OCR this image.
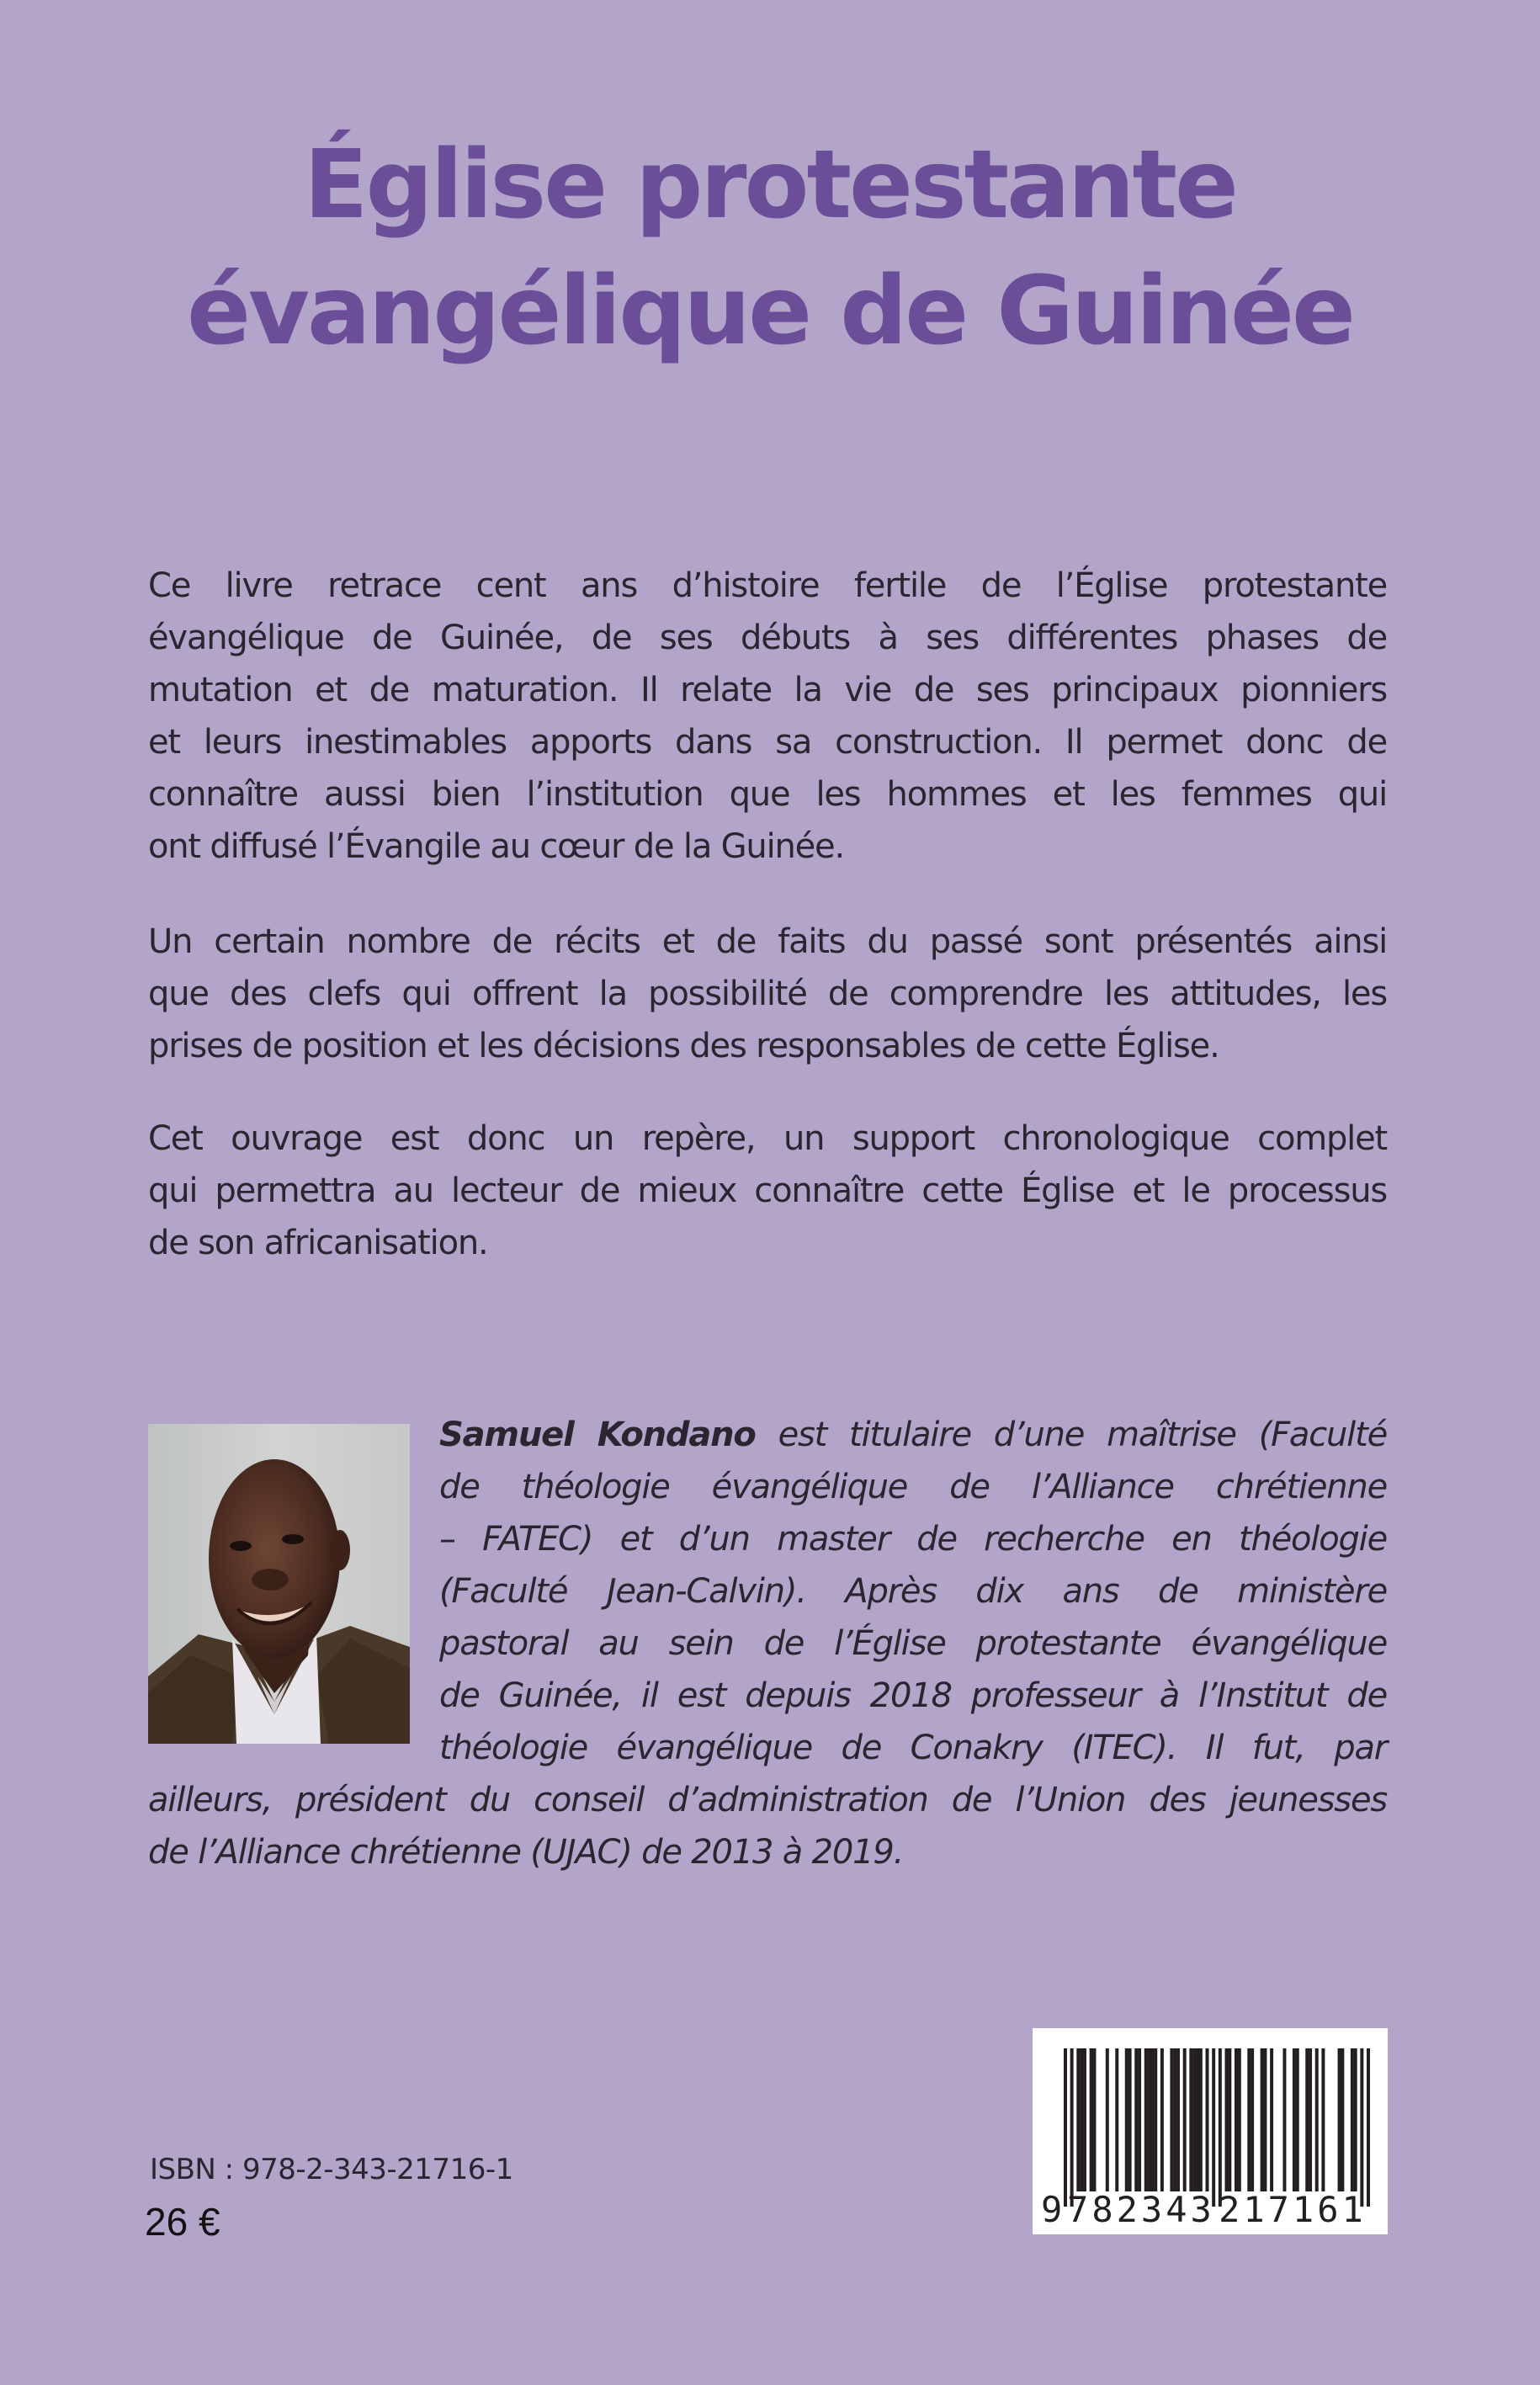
Église protestante
évangélique de Guinée
Ce livre retrace cent ans d’histoire fertile de l’Église protestante
évangélique de Guinée, de ses débuts à ses différentes phases de
mutation et de maturation. Il relate la vie de ses principaux pionniers
et leurs inestimables apports dans sa construction. Il permet donc de
connaître aussi bien l’institution que les hommes et les femmes qui
ont diffusé l’Évangile au cœur de la Guinée.
Un certain nombre de récits et de faits du passé sont présentés ainsi
que des clefs qui offrent la possibilité de comprendre les attitudes, les
prises de position et les décisions des responsables de cette Église.
Cet ouvrage est donc un repère, un support chronologique complet
qui permettra au lecteur de mieux connaître cette Église et le processus
de son africanisation.
Samuel Kondano est titulaire d’une maîtrise (Faculté
de théologie évangélique de l’Alliance chrétienne
– FATEC) et d’un master de recherche en théologie
(Faculté Jean-Calvin). Après dix ans de ministère
pastoral au sein de l’Église protestante évangélique
de Guinée, il est depuis 2018 professeur à l’Institut de
théologie évangélique de Conakry (ITEC). Il fut, par
ailleurs, président du conseil d’administration de l’Union des jeunesses
de l’Alliance chrétienne (UJAC) de 2013 à 2019.
ISBN : 978-2-343-21716-1
26 €	9 782343 217161
